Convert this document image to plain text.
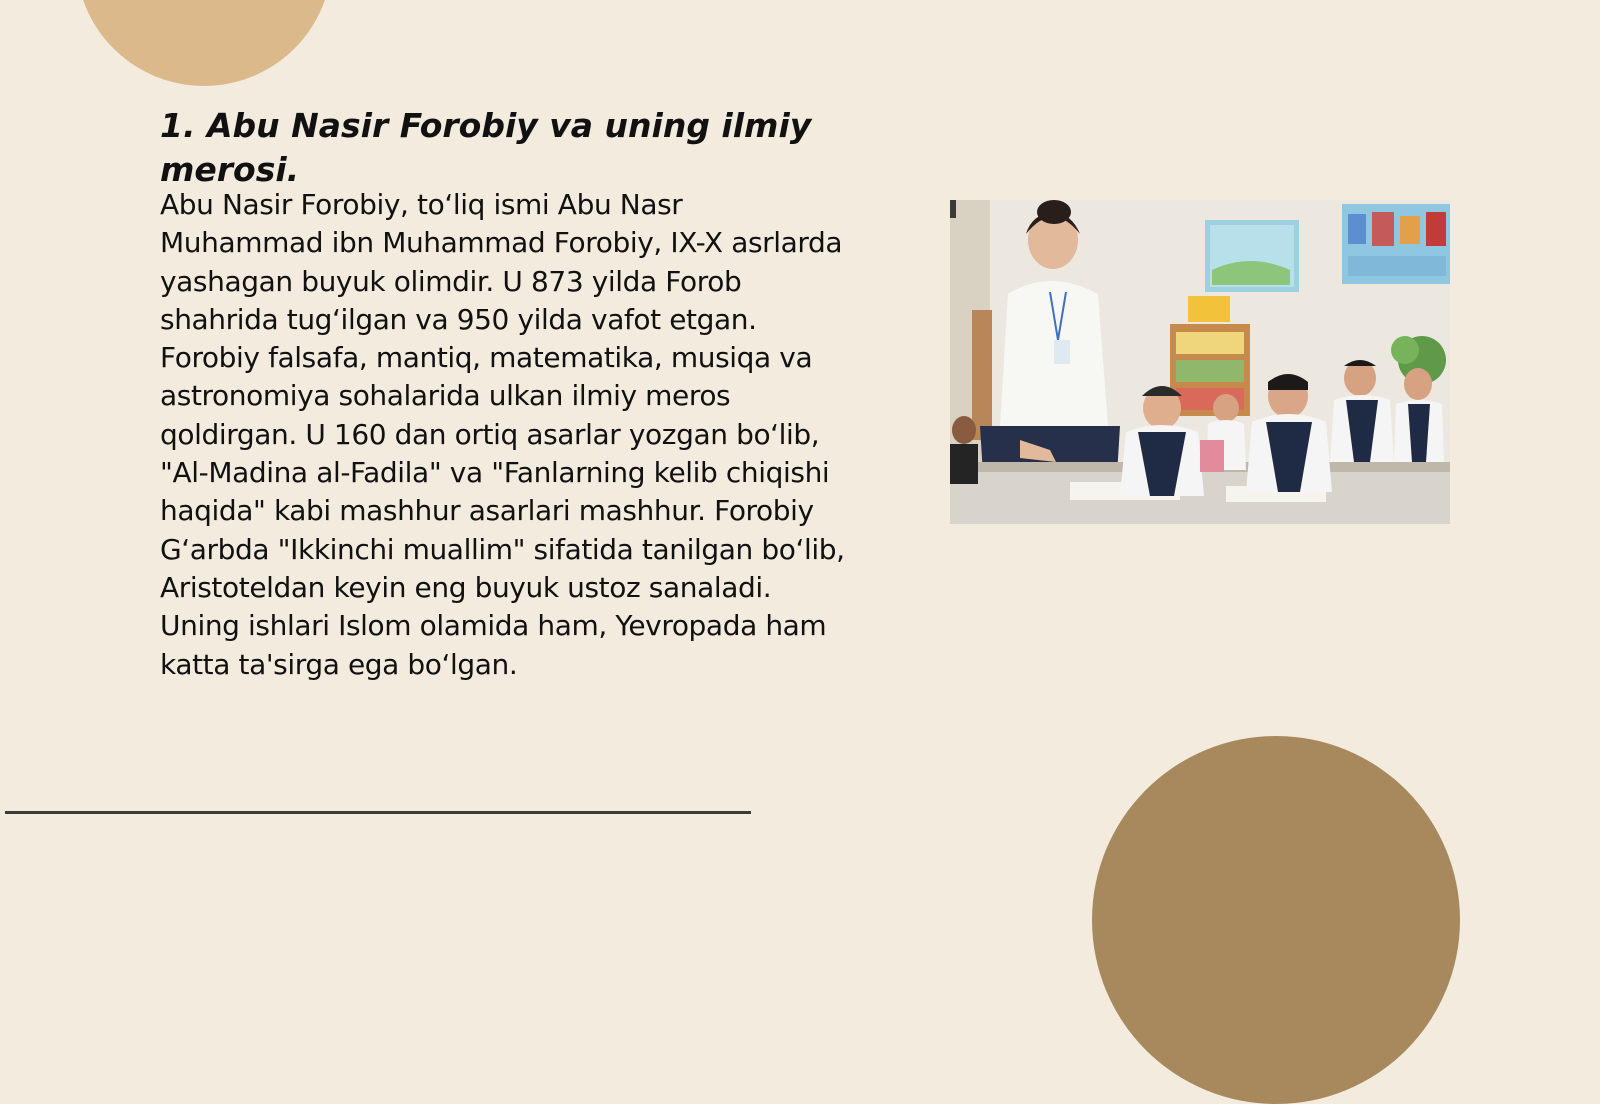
1. Abu Nasir Forobiy va uning ilmiy merosi.

Abu Nasir Forobiy, to‘liq ismi Abu Nasr Muhammad ibn Muhammad Forobiy, IX-X asrlarda yashagan buyuk olimdir. U 873 yilda Forob shahrida tug‘ilgan va 950 yilda vafot etgan. Forobiy falsafa, mantiq, matematika, musiqa va astronomiya sohalarida ulkan ilmiy meros qoldirgan. U 160 dan ortiq asarlar yozgan bo‘lib, "Al-Madina al-Fadila" va "Fanlarning kelib chiqishi haqida" kabi mashhur asarlari mashhur. Forobiy G‘arbda "Ikkinchi muallim" sifatida tanilgan bo‘lib, Aristoteldan keyin eng buyuk ustoz sanaladi. Uning ishlari Islom olamida ham, Yevropada ham katta ta'sirga ega bo‘lgan.
